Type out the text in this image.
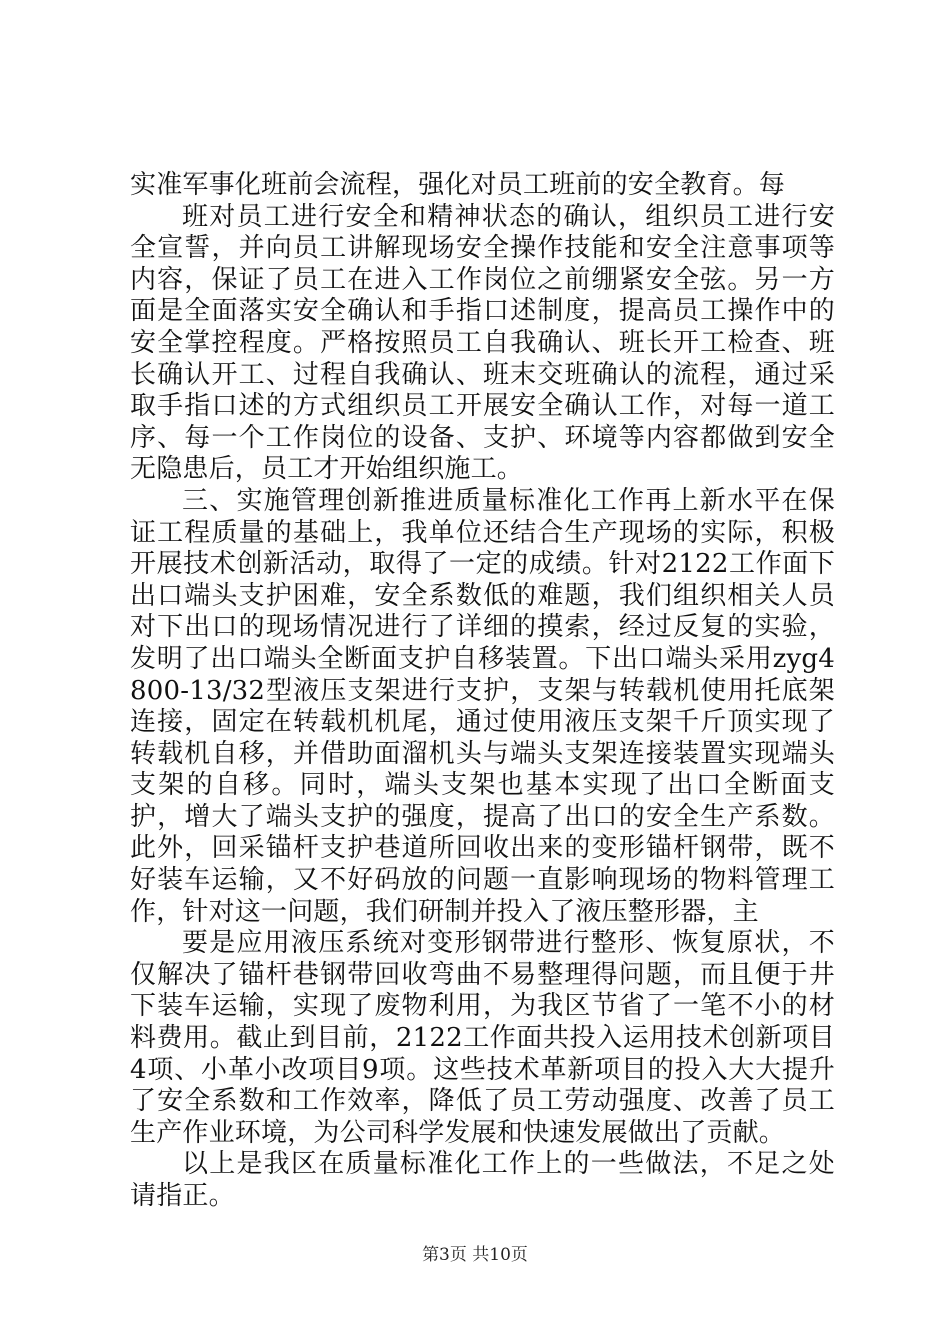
实准军事化班前会流程，强化对员工班前的安全教育。每

班对员工进行安全和精神状态的确认，组织员工进行安全宣誓，并向员工讲解现场安全操作技能和安全注意事项等内容，保证了员工在进入工作岗位之前绷紧安全弦。另一方面是全面落实安全确认和手指口述制度，提高员工操作中的安全掌控程度。严格按照员工自我确认、班长开工检查、班长确认开工、过程自我确认、班末交班确认的流程，通过采取手指口述的方式组织员工开展安全确认工作，对每一道工序、每一个工作岗位的设备、支护、环境等内容都做到安全无隐患后，员工才开始组织施工。

三、实施管理创新推进质量标准化工作再上新水平在保证工程质量的基础上，我单位还结合生产现场的实际，积极开展技术创新活动，取得了一定的成绩。针对2122工作面下出口端头支护困难，安全系数低的难题，我们组织相关人员对下出口的现场情况进行了详细的摸索，经过反复的实验，发明了出口端头全断面支护自移装置。下出口端头采用zyg4800-13/32型液压支架进行支护，支架与转载机使用托底架连接，固定在转载机机尾，通过使用液压支架千斤顶实现了转载机自移，并借助面溜机头与端头支架连接装置实现端头支架的自移。同时，端头支架也基本实现了出口全断面支护，增大了端头支护的强度，提高了出口的安全生产系数。此外，回采锚杆支护巷道所回收出来的变形锚杆钢带，既不好装车运输，又不好码放的问题一直影响现场的物料管理工作，针对这一问题，我们研制并投入了液压整形器，主

要是应用液压系统对变形钢带进行整形、恢复原状，不仅解决了锚杆巷钢带回收弯曲不易整理得问题，而且便于井下装车运输，实现了废物利用，为我区节省了一笔不小的材料费用。截止到目前，2122工作面共投入运用技术创新项目4项、小革小改项目9项。这些技术革新项目的投入大大提升了安全系数和工作效率，降低了员工劳动强度、改善了员工生产作业环境，为公司科学发展和快速发展做出了贡献。

以上是我区在质量标准化工作上的一些做法，不足之处请指正。

第3页 共10页
